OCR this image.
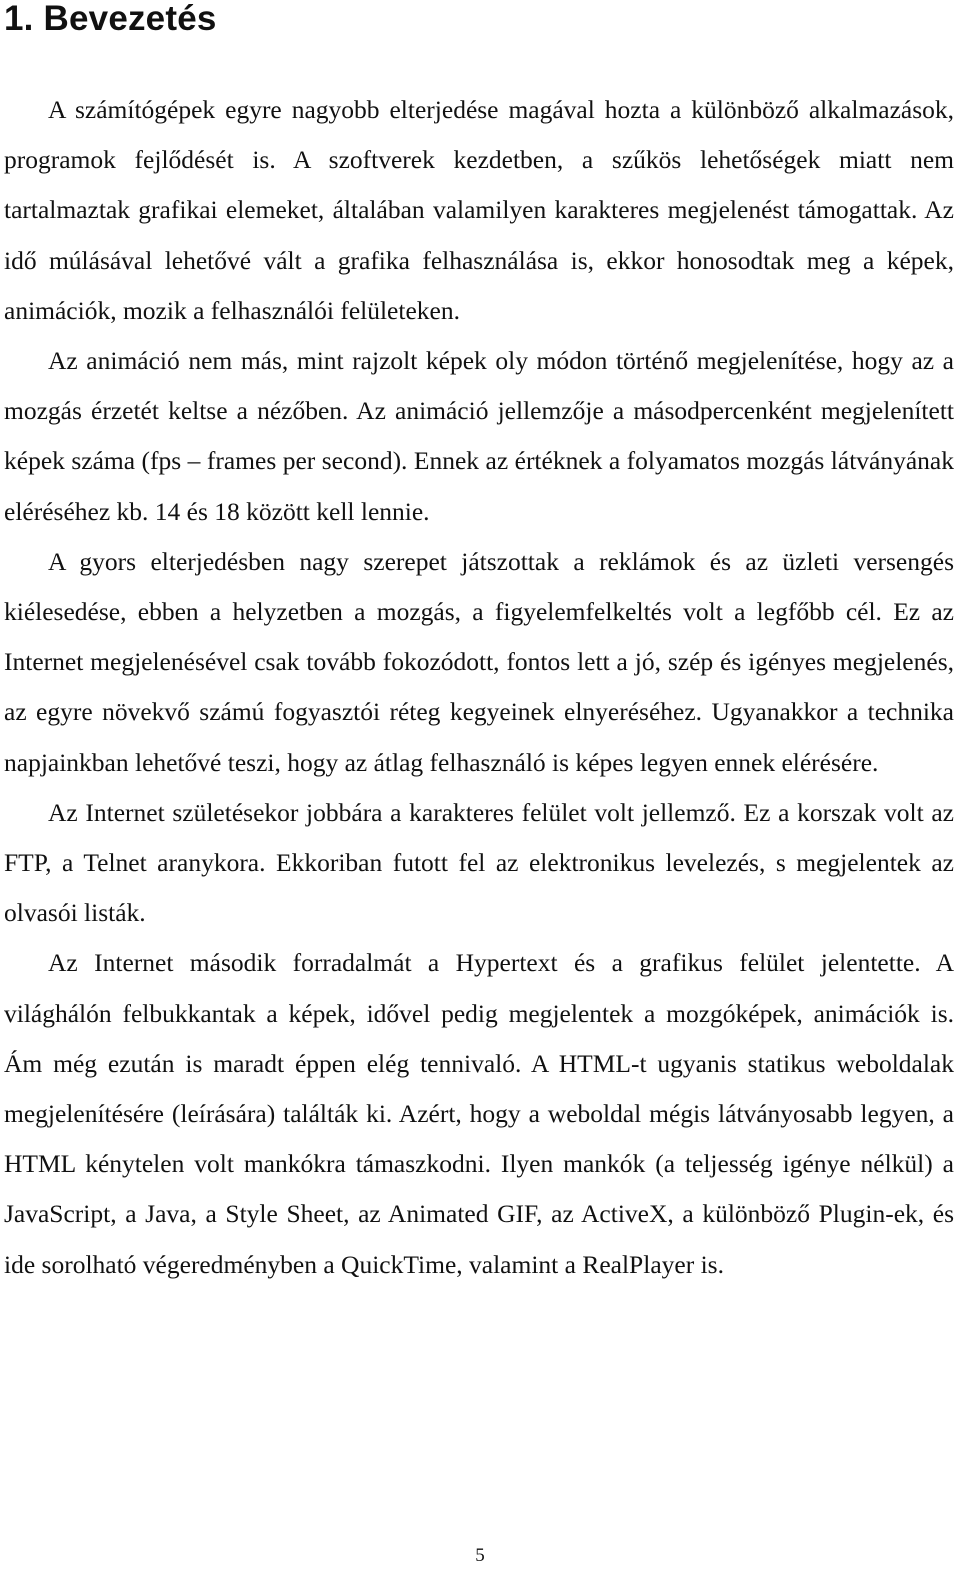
1. Bevezetés

A számítógépek egyre nagyobb elterjedése magával hozta a különböző alkalmazások, programok fejlődését is. A szoftverek kezdetben, a szűkös lehetőségek miatt nem tartalmaztak grafikai elemeket, általában valamilyen karakteres megjelenést támogattak. Az idő múlásával lehetővé vált a grafika felhasználása is, ekkor honosodtak meg a képek, animációk, mozik a felhasználói felületeken.

Az animáció nem más, mint rajzolt képek oly módon történő megjelenítése, hogy az a mozgás érzetét keltse a nézőben. Az animáció jellemzője a másodpercenként megjelenített képek száma (fps – frames per second). Ennek az értéknek a folyamatos mozgás látványának eléréséhez kb. 14 és 18 között kell lennie.

A gyors elterjedésben nagy szerepet játszottak a reklámok és az üzleti versengés kiélesedése, ebben a helyzetben a mozgás, a figyelemfelkeltés volt a legfőbb cél. Ez az Internet megjelenésével csak tovább fokozódott, fontos lett a jó, szép és igényes megjelenés, az egyre növekvő számú fogyasztói réteg kegyeinek elnyeréséhez. Ugyanakkor a technika napjainkban lehetővé teszi, hogy az átlag felhasználó is képes legyen ennek elérésére.

Az Internet születésekor jobbára a karakteres felület volt jellemző. Ez a korszak volt az FTP, a Telnet aranykora. Ekkoriban futott fel az elektronikus levelezés, s megjelentek az olvasói listák.

Az Internet második forradalmát a Hypertext és a grafikus felület jelentette. A világhálón felbukkantak a képek, idővel pedig megjelentek a mozgóképek, animációk is. Ám még ezután is maradt éppen elég tennivaló. A HTML-t ugyanis statikus weboldalak megjelenítésére (leírására) találták ki. Azért, hogy a weboldal mégis látványosabb legyen, a HTML kénytelen volt mankókra támaszkodni. Ilyen mankók (a teljesség igénye nélkül) a JavaScript, a Java, a Style Sheet, az Animated GIF, az ActiveX, a különböző Plugin-ek, és ide sorolható végeredményben a QuickTime, valamint a RealPlayer is.

5
